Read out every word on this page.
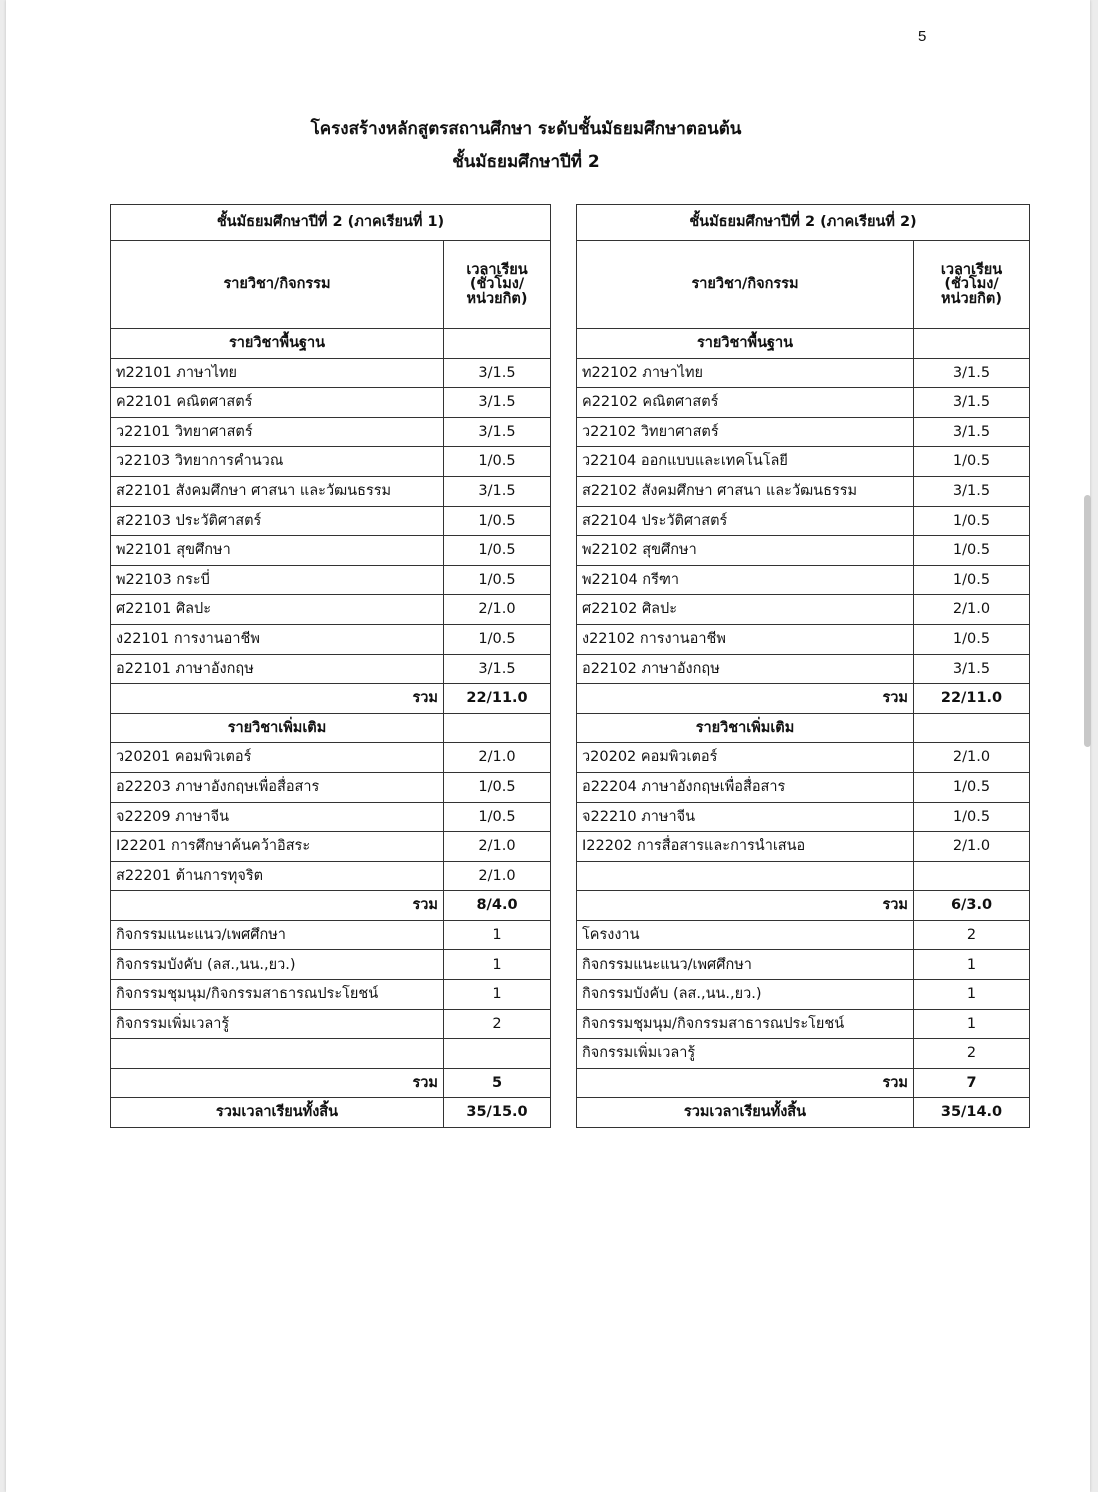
5
โครงสร้างหลักสูตรสถานศึกษา ระดับชั้นมัธยมศึกษาตอนต้น
ชั้นมัธยมศึกษาปีที่ 2
ชั้นมัธยมศึกษาปีที่ 2 (ภาคเรียนที่ 1)	
รายวิชา/กิจกรรม	เวลาเรียน
(ชั่วโมง/
หน่วยกิต)

รายวิชาพื้นฐาน	
ท22101 ภาษาไทย	3/1.5
ค22101 คณิตศาสตร์	3/1.5
ว22101 วิทยาศาสตร์	3/1.5
ว22103 วิทยาการคำนวณ	1/0.5
ส22101 สังคมศึกษา ศาสนา และวัฒนธรรม	3/1.5
ส22103 ประวัติศาสตร์	1/0.5
พ22101 สุขศึกษา	1/0.5
พ22103 กระบี่	1/0.5
ศ22101 ศิลปะ	2/1.0
ง22101 การงานอาชีพ	1/0.5
อ22101 ภาษาอังกฤษ	3/1.5
รวม	22/11.0
รายวิชาเพิ่มเติม	
ว20201 คอมพิวเตอร์	2/1.0
อ22203 ภาษาอังกฤษเพื่อสื่อสาร	1/0.5
จ22209 ภาษาจีน	1/0.5
I22201 การศึกษาค้นคว้าอิสระ	2/1.0
ส22201 ต้านการทุจริต	2/1.0
รวม	8/4.0
กิจกรรมแนะแนว/เพศศึกษา	1
กิจกรรมบังคับ (ลส.,นน.,ยว.)	1
กิจกรรมชุมนุม/กิจกรรมสาธารณประโยชน์	1
กิจกรรมเพิ่มเวลารู้	2

รวม	5
รวมเวลาเรียนทั้งสิ้น	35/15.0
ชั้นมัธยมศึกษาปีที่ 2 (ภาคเรียนที่ 2)	
รายวิชา/กิจกรรม	เวลาเรียน
(ชั่วโมง/
หน่วยกิต)

รายวิชาพื้นฐาน	
ท22102 ภาษาไทย	3/1.5
ค22102 คณิตศาสตร์	3/1.5
ว22102 วิทยาศาสตร์	3/1.5
ว22104 ออกแบบและเทคโนโลยี	1/0.5
ส22102 สังคมศึกษา ศาสนา และวัฒนธรรม	3/1.5
ส22104 ประวัติศาสตร์	1/0.5
พ22102 สุขศึกษา	1/0.5
พ22104 กรีฑา	1/0.5
ศ22102 ศิลปะ	2/1.0
ง22102 การงานอาชีพ	1/0.5
อ22102 ภาษาอังกฤษ	3/1.5
รวม	22/11.0
รายวิชาเพิ่มเติม	
ว20202 คอมพิวเตอร์	2/1.0
อ22204 ภาษาอังกฤษเพื่อสื่อสาร	1/0.5
จ22210 ภาษาจีน	1/0.5
I22202 การสื่อสารและการนำเสนอ	2/1.0

รวม	6/3.0
โครงงาน	2
กิจกรรมแนะแนว/เพศศึกษา	1
กิจกรรมบังคับ (ลส.,นน.,ยว.)	1
กิจกรรมชุมนุม/กิจกรรมสาธารณประโยชน์	1
กิจกรรมเพิ่มเวลารู้	2
รวม	7
รวมเวลาเรียนทั้งสิ้น	35/14.0
